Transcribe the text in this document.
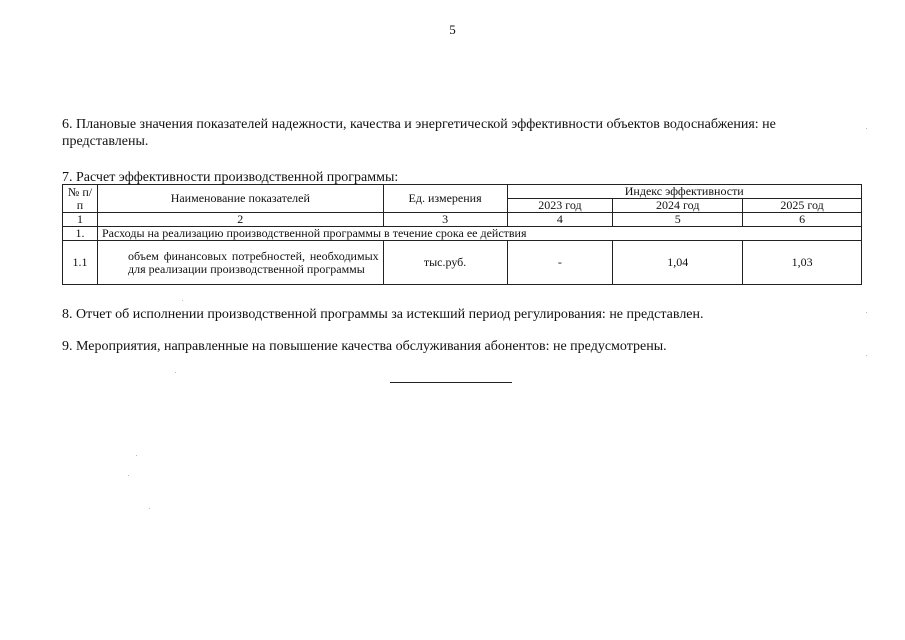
5
6. Плановые значения показателей надежности, качества и энергетической эффективности объектов водоснабжения: не представлены.
7. Расчет эффективности производственной программы:
№ п/п	Наименование показателей	Ед. измерения	Индекс эффективности		
			2023 год	2024 год	2025 год
1	2	3	4	5	6
1.	Расходы на реализацию производственной программы в течение срока ее действия				
1.1	объем финансовых потребностей, необходимых для реализации производственной программы	тыс.руб.	-	1,04	1,03
8. Отчет об исполнении производственной программы за истекший период регулирования: не представлен.
9. Мероприятия, направленные на повышение качества обслуживания абонентов: не предусмотрены.
